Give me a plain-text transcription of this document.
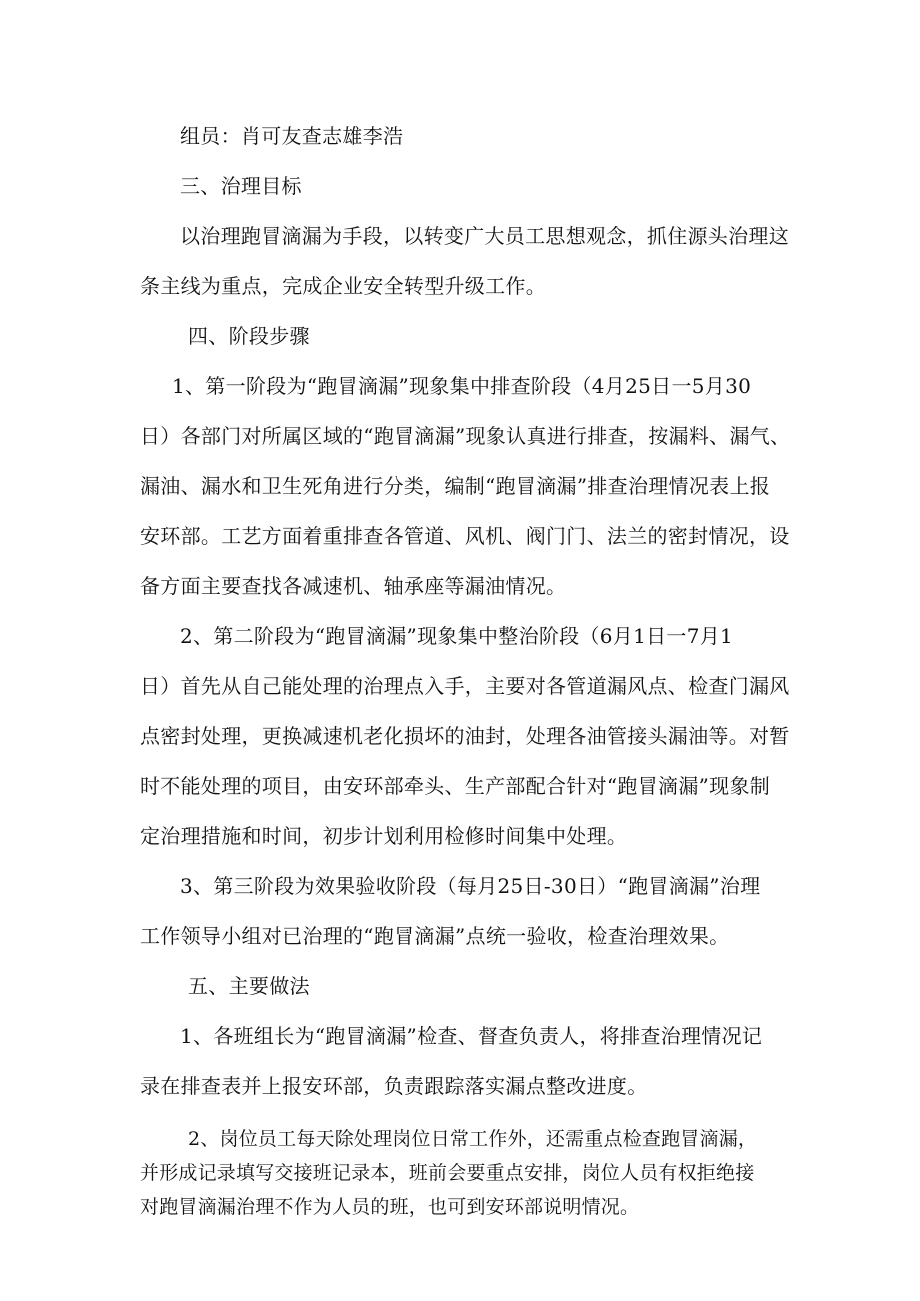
组员：肖可友查志雄李浩
三、治理目标
以治理跑冒滴漏为手段，以转变广大员工思想观念，抓住源头治理这
条主线为重点，完成企业安全转型升级工作。
四、阶段步骤
1、第一阶段为“跑冒滴漏”现象集中排查阶段（4月25日一5月30
日）各部门对所属区域的“跑冒滴漏”现象认真进行排查，按漏料、漏气、
漏油、漏水和卫生死角进行分类，编制“跑冒滴漏”排查治理情况表上报
安环部。工艺方面着重排查各管道、风机、阀门门、法兰的密封情况，设
备方面主要查找各减速机、轴承座等漏油情况。
2、第二阶段为“跑冒滴漏”现象集中整治阶段（6月1日一7月1
日）首先从自己能处理的治理点入手，主要对各管道漏风点、检查门漏风
点密封处理，更换减速机老化损坏的油封，处理各油管接头漏油等。对暂
时不能处理的项目，由安环部牵头、生产部配合针对“跑冒滴漏”现象制
定治理措施和时间，初步计划利用检修时间集中处理。
3、第三阶段为效果验收阶段（每月25日-30日）“跑冒滴漏”治理
工作领导小组对已治理的“跑冒滴漏”点统一验收，检查治理效果。
五、主要做法
1、各班组长为“跑冒滴漏”检查、督查负责人，将排查治理情况记
录在排查表并上报安环部，负责跟踪落实漏点整改进度。
2、岗位员工每天除处理岗位日常工作外，还需重点检查跑冒滴漏，
并形成记录填写交接班记录本，班前会要重点安排，岗位人员有权拒绝接
对跑冒滴漏治理不作为人员的班，也可到安环部说明情况。
